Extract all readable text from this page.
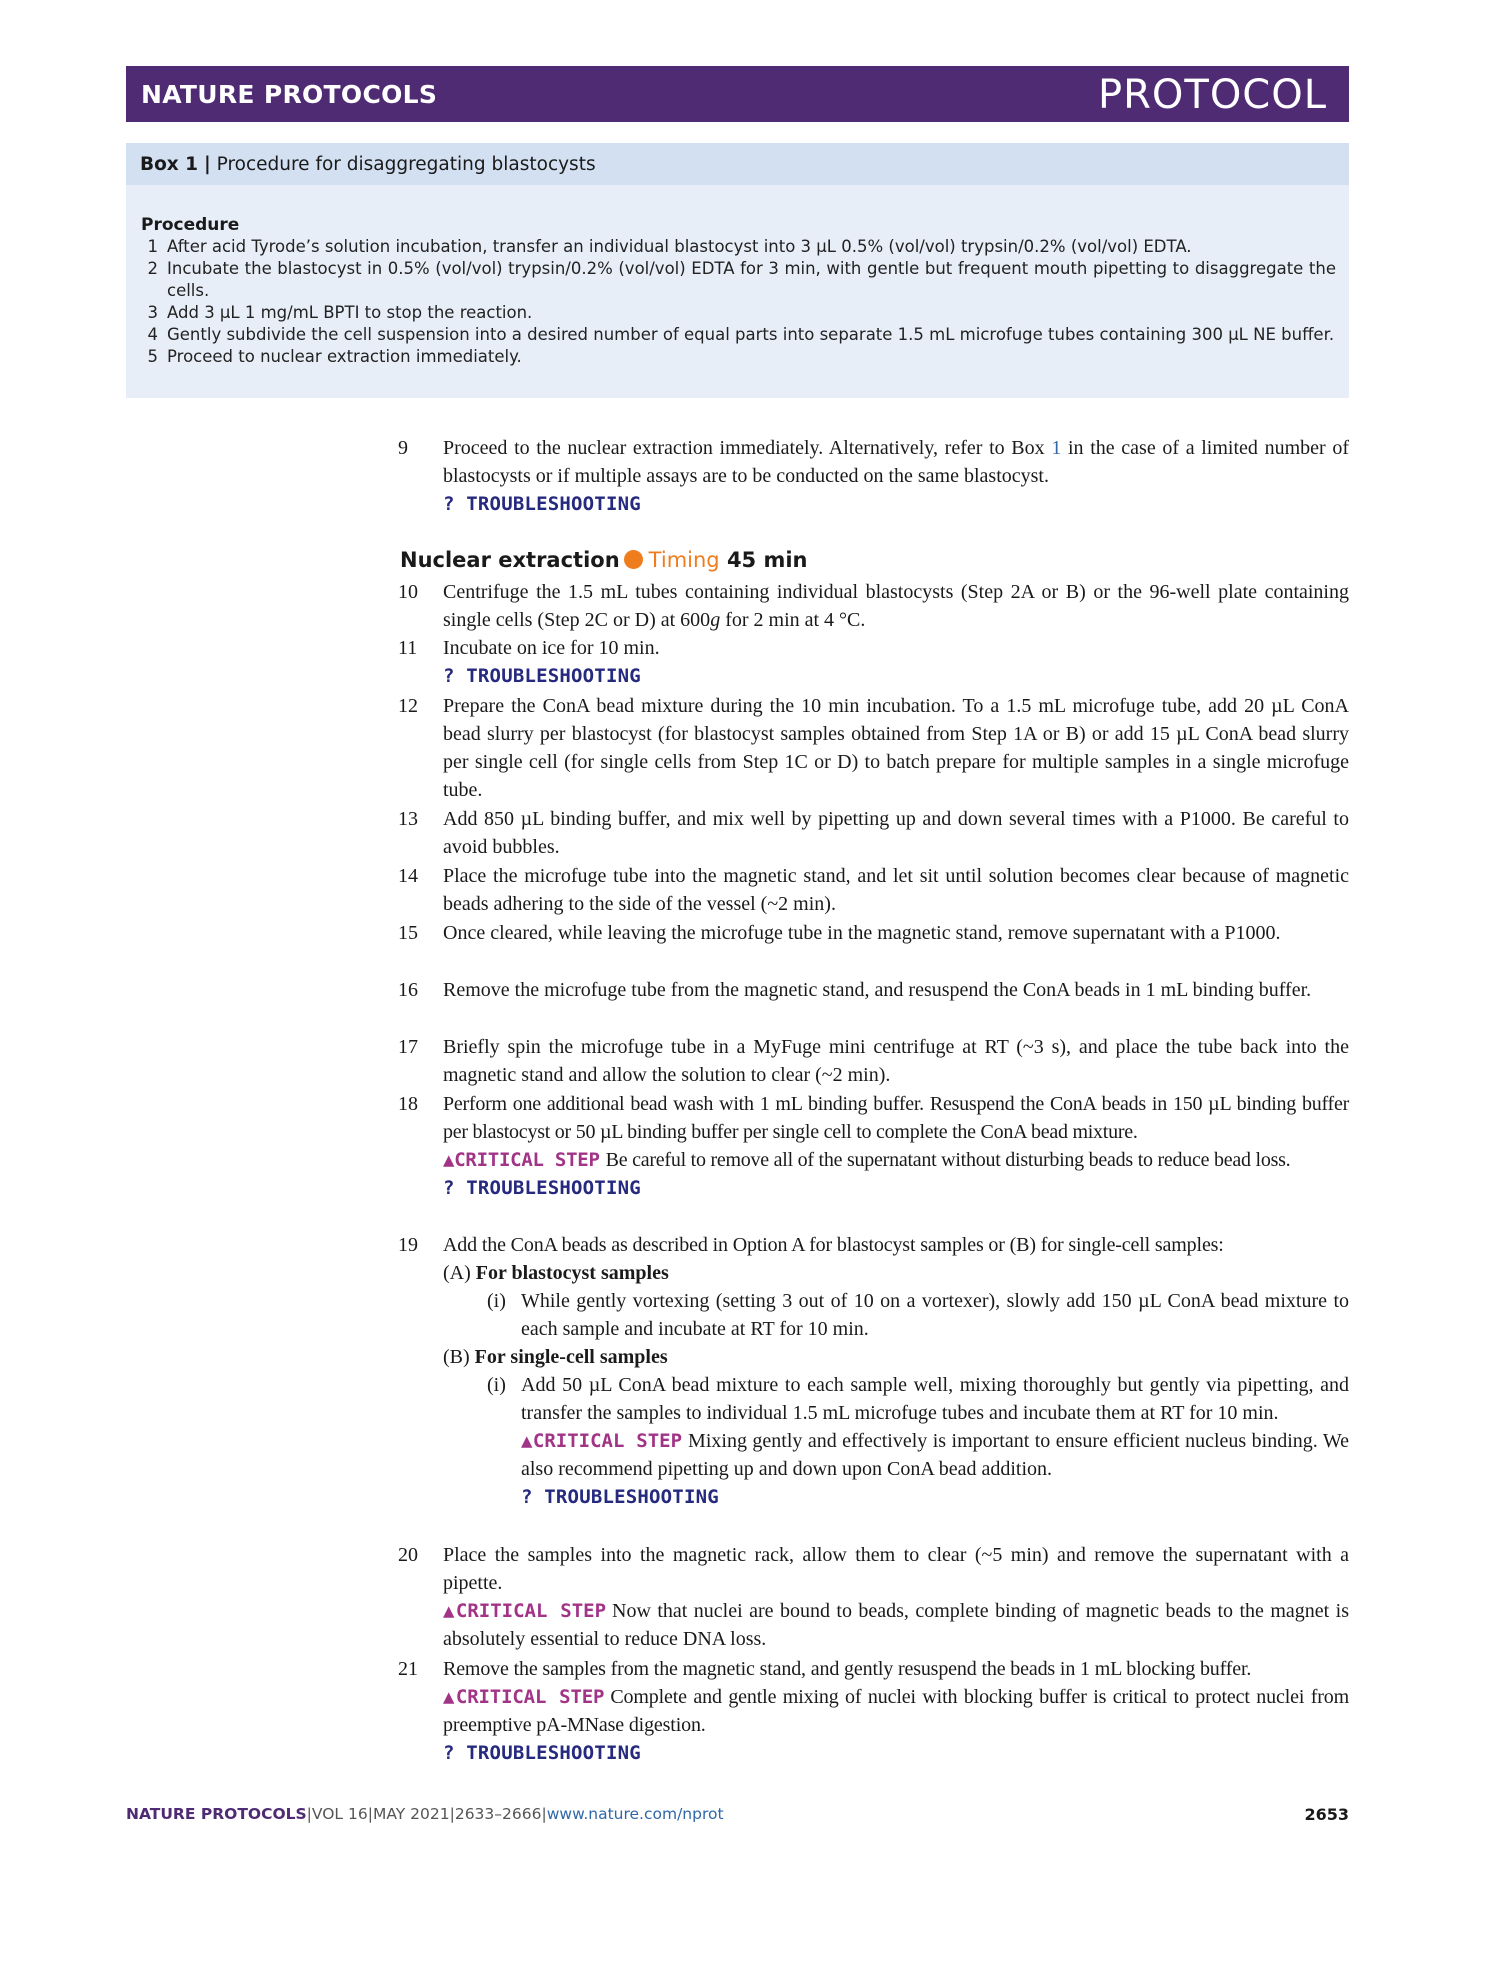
NATURE PROTOCOLS	PROTOCOL
Box 1 | Procedure for disaggregating blastocysts
Procedure
1 After acid Tyrode’s solution incubation, transfer an individual blastocyst into 3 µL 0.5% (vol/vol) trypsin/0.2% (vol/vol) EDTA.
2 Incubate the blastocyst in 0.5% (vol/vol) trypsin/0.2% (vol/vol) EDTA for 3 min, with gentle but frequent mouth pipetting to disaggregate the cells.
3 Add 3 µL 1 mg/mL BPTI to stop the reaction.
4 Gently subdivide the cell suspension into a desired number of equal parts into separate 1.5 mL microfuge tubes containing 300 µL NE buffer.
5 Proceed to nuclear extraction immediately.
9	Proceed to the nuclear extraction immediately. Alternatively, refer to Box 1 in the case of a limited number of blastocysts or if multiple assays are to be conducted on the same blastocyst.
? TROUBLESHOOTING
Nuclear extraction Timing 45 min
10 Centrifuge the 1.5 mL tubes containing individual blastocysts (Step 2A or B) or the 96-well plate containing single cells (Step 2C or D) at 600g for 2 min at 4 °C.
11 Incubate on ice for 10 min.
? TROUBLESHOOTING
12 Prepare the ConA bead mixture during the 10 min incubation. To a 1.5 mL microfuge tube, add 20 µL ConA bead slurry per blastocyst (for blastocyst samples obtained from Step 1A or B) or add 15 µL ConA bead slurry per single cell (for single cells from Step 1C or D) to batch prepare for multiple samples in a single microfuge tube.
13 Add 850 µL binding buffer, and mix well by pipetting up and down several times with a P1000. Be careful to avoid bubbles.
14 Place the microfuge tube into the magnetic stand, and let sit until solution becomes clear because of magnetic beads adhering to the side of the vessel (~2 min).
15 Once cleared, while leaving the microfuge tube in the magnetic stand, remove supernatant with a P1000.
16 Remove the microfuge tube from the magnetic stand, and resuspend the ConA beads in 1 mL binding buffer.
17 Briefly spin the microfuge tube in a MyFuge mini centrifuge at RT (~3 s), and place the tube back into the magnetic stand and allow the solution to clear (~2 min).
18 Perform one additional bead wash with 1 mL binding buffer. Resuspend the ConA beads in 150 µL binding buffer per blastocyst or 50 µL binding buffer per single cell to complete the ConA bead mixture.
▲CRITICAL STEP Be careful to remove all of the supernatant without disturbing beads to reduce bead loss.
? TROUBLESHOOTING
19 Add the ConA beads as described in Option A for blastocyst samples or (B) for single-cell samples:
(A) For blastocyst samples
(i) While gently vortexing (setting 3 out of 10 on a vortexer), slowly add 150 µL ConA bead mixture to each sample and incubate at RT for 10 min.
(B) For single-cell samples
(i) Add 50 µL ConA bead mixture to each sample well, mixing thoroughly but gently via pipetting, and transfer the samples to individual 1.5 mL microfuge tubes and incubate them at RT for 10 min.
▲CRITICAL STEP Mixing gently and effectively is important to ensure efficient nucleus binding. We also recommend pipetting up and down upon ConA bead addition.
? TROUBLESHOOTING
20 Place the samples into the magnetic rack, allow them to clear (~5 min) and remove the supernatant with a pipette.
▲CRITICAL STEP Now that nuclei are bound to beads, complete binding of magnetic beads to the magnet is absolutely essential to reduce DNA loss.
21 Remove the samples from the magnetic stand, and gently resuspend the beads in 1 mL blocking buffer.
▲CRITICAL STEP Complete and gentle mixing of nuclei with blocking buffer is critical to protect nuclei from preemptive pA-MNase digestion.
? TROUBLESHOOTING
NATURE PROTOCOLS|VOL 16|MAY 2021|2633–2666|www.nature.com/nprot	2653
